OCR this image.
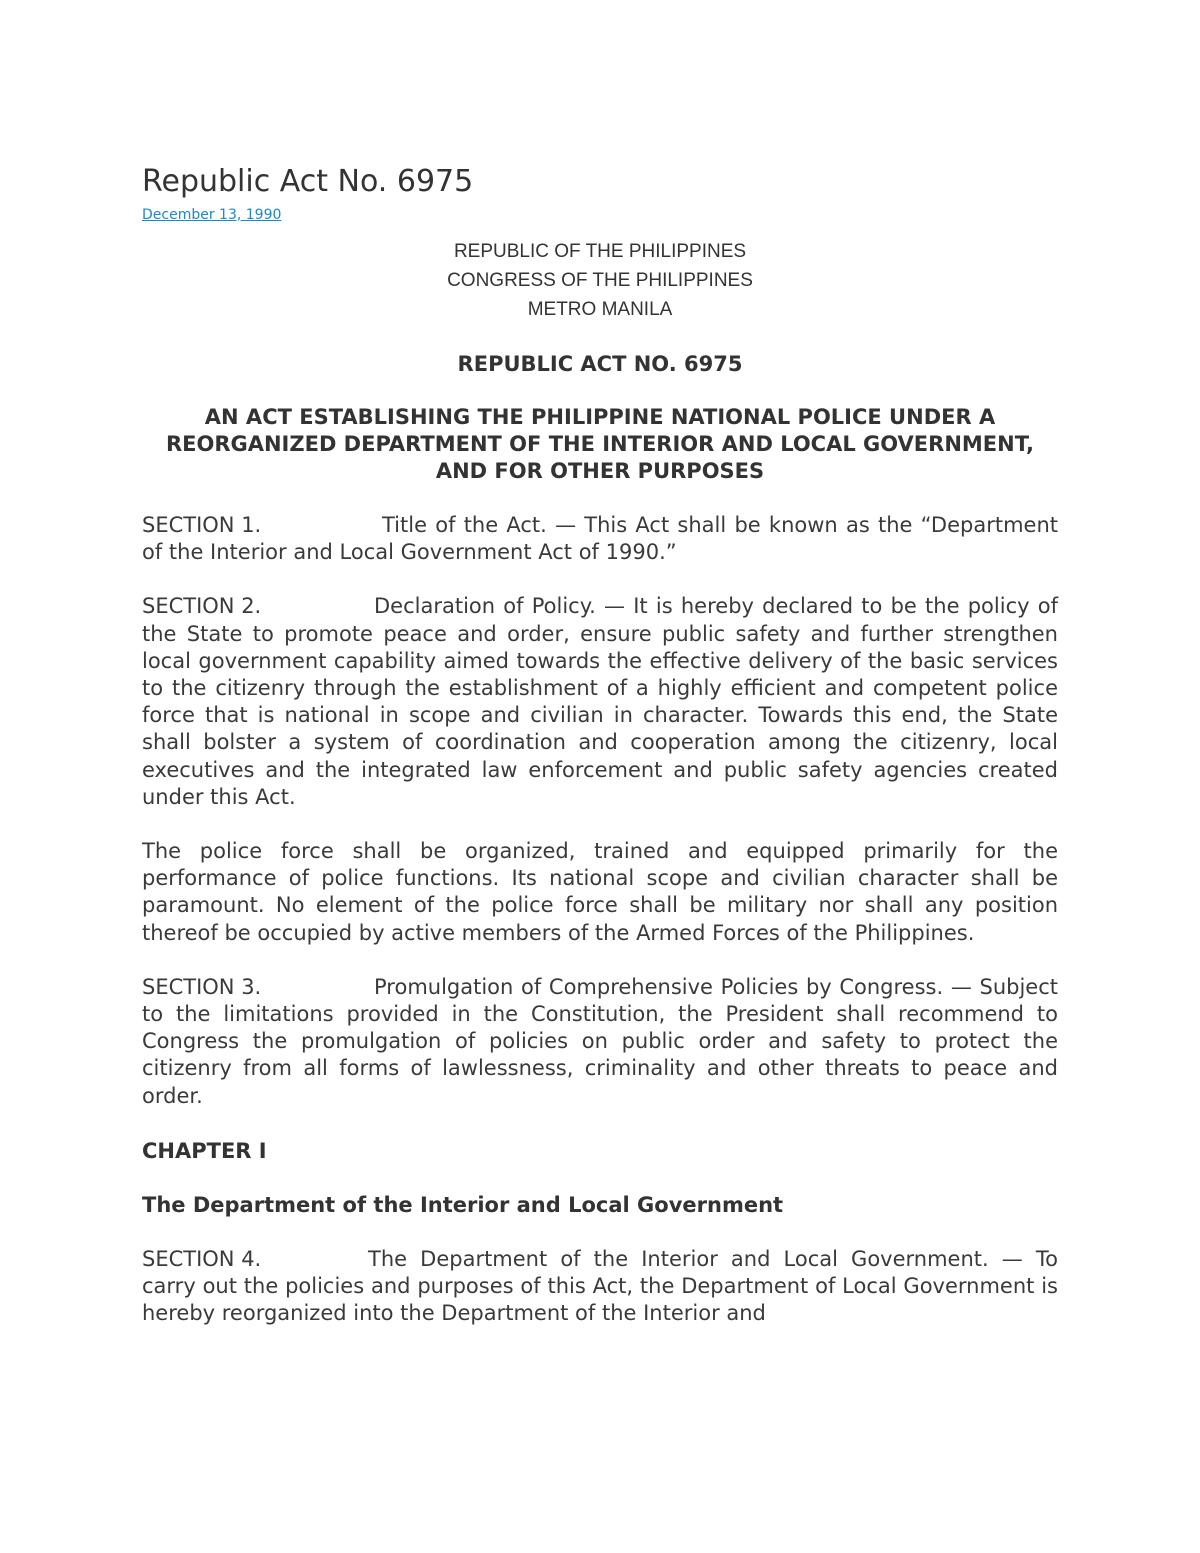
Republic Act No. 6975
December 13, 1990
REPUBLIC OF THE PHILIPPINES
CONGRESS OF THE PHILIPPINES
METRO MANILA
REPUBLIC ACT NO. 6975
AN ACT ESTABLISHING THE PHILIPPINE NATIONAL POLICE UNDER A REORGANIZED DEPARTMENT OF THE INTERIOR AND LOCAL GOVERNMENT, AND FOR OTHER PURPOSES

SECTION 1.	Title of the Act. — This Act shall be known as the “Department of the Interior and Local Government Act of 1990.”

SECTION 2.	Declaration of Policy. — It is hereby declared to be the policy of the State to promote peace and order, ensure public safety and further strengthen local government capability aimed towards the effective delivery of the basic services to the citizenry through the establishment of a highly efficient and competent police force that is national in scope and civilian in character. Towards this end, the State shall bolster a system of coordination and cooperation among the citizenry, local executives and the integrated law enforcement and public safety agencies created under this Act.

The police force shall be organized, trained and equipped primarily for the performance of police functions. Its national scope and civilian character shall be paramount. No element of the police force shall be military nor shall any position thereof be occupied by active members of the Armed Forces of the Philippines.

SECTION 3.	Promulgation of Comprehensive Policies by Congress. — Subject to the limitations provided in the Constitution, the President shall recommend to Congress the promulgation of policies on public order and safety to protect the citizenry from all forms of lawlessness, criminality and other threats to peace and order.

CHAPTER I
The Department of the Interior and Local Government

SECTION 4.	The Department of the Interior and Local Government. — To carry out the policies and purposes of this Act, the Department of Local Government is hereby reorganized into the Department of the Interior and
